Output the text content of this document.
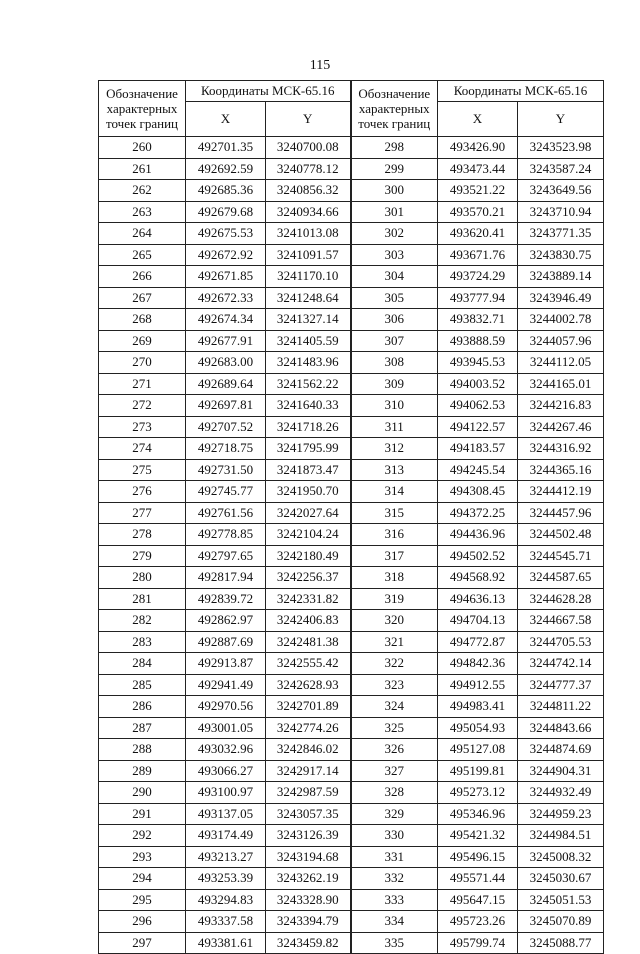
115
Обозначение
характерных
точек границ	Координаты МСК-65.16		Обозначение
характерных
точек границ	Координаты МСК-65.16	
	X	Y		X	Y
260	492701.35	3240700.08	298	493426.90	3243523.98
261	492692.59	3240778.12	299	493473.44	3243587.24
262	492685.36	3240856.32	300	493521.22	3243649.56
263	492679.68	3240934.66	301	493570.21	3243710.94
264	492675.53	3241013.08	302	493620.41	3243771.35
265	492672.92	3241091.57	303	493671.76	3243830.75
266	492671.85	3241170.10	304	493724.29	3243889.14
267	492672.33	3241248.64	305	493777.94	3243946.49
268	492674.34	3241327.14	306	493832.71	3244002.78
269	492677.91	3241405.59	307	493888.59	3244057.96
270	492683.00	3241483.96	308	493945.53	3244112.05
271	492689.64	3241562.22	309	494003.52	3244165.01
272	492697.81	3241640.33	310	494062.53	3244216.83
273	492707.52	3241718.26	311	494122.57	3244267.46
274	492718.75	3241795.99	312	494183.57	3244316.92
275	492731.50	3241873.47	313	494245.54	3244365.16
276	492745.77	3241950.70	314	494308.45	3244412.19
277	492761.56	3242027.64	315	494372.25	3244457.96
278	492778.85	3242104.24	316	494436.96	3244502.48
279	492797.65	3242180.49	317	494502.52	3244545.71
280	492817.94	3242256.37	318	494568.92	3244587.65
281	492839.72	3242331.82	319	494636.13	3244628.28
282	492862.97	3242406.83	320	494704.13	3244667.58
283	492887.69	3242481.38	321	494772.87	3244705.53
284	492913.87	3242555.42	322	494842.36	3244742.14
285	492941.49	3242628.93	323	494912.55	3244777.37
286	492970.56	3242701.89	324	494983.41	3244811.22
287	493001.05	3242774.26	325	495054.93	3244843.66
288	493032.96	3242846.02	326	495127.08	3244874.69
289	493066.27	3242917.14	327	495199.81	3244904.31
290	493100.97	3242987.59	328	495273.12	3244932.49
291	493137.05	3243057.35	329	495346.96	3244959.23
292	493174.49	3243126.39	330	495421.32	3244984.51
293	493213.27	3243194.68	331	495496.15	3245008.32
294	493253.39	3243262.19	332	495571.44	3245030.67
295	493294.83	3243328.90	333	495647.15	3245051.53
296	493337.58	3243394.79	334	495723.26	3245070.89
297	493381.61	3243459.82	335	495799.74	3245088.77
